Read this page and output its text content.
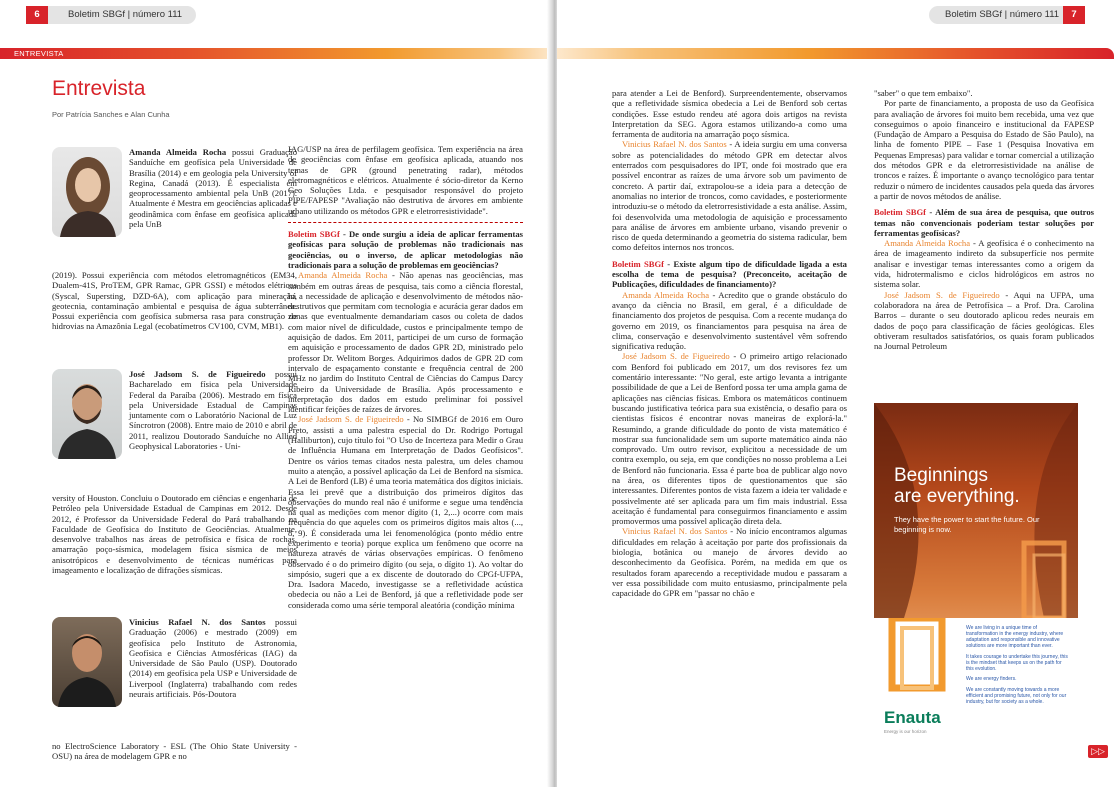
6	Boletim SBGf | número 111
ENTREVISTA
Entrevista
Por Patrícia Sanches e Alan Cunha
Amanda Almeida Rocha possui Graduação Sanduíche em geofísica pela Universidade de Brasília (2014) e em geologia pela University of Regina, Canadá (2013). É especialista em geoprocessamento ambiental pela UnB (2017). Atualmente é Mestra em geociências aplicadas e geodinâmica com ênfase em geofísica aplicada pela UnB
(2019). Possui experiência com métodos eletromagnéticos (EM34, Dualem-41S, ProTEM, GPR Ramac, GPR GSSI) e métodos elétricos (Syscal, Supersting, DZD-6A), com aplicação para mineração, geotecnia, contaminação ambiental e pesquisa de água subterrânea. Possui experiência com geofísica submersa rasa para construção de hidrovias na Amazônia Legal (ecobatímetros CV100, CVM, MB1).
José Jadsom S. de Figueiredo possui Bacharelado em física pela Universidade Federal da Paraíba (2006). Mestrado em física pela Universidade Estadual de Campinas juntamente com o Laboratório Nacional de Luz Síncrotron (2008). Entre maio de 2010 e abril de 2011, realizou Doutorado Sanduíche no Allied Geophysical Laboratories - Uni-
versity of Houston. Concluiu o Doutorado em ciências e engenharia de Petróleo pela Universidade Estadual de Campinas em 2012. Desde 2012, é Professor da Universidade Federal do Pará trabalhando na Faculdade de Geofísica do Instituto de Geociências. Atualmente, desenvolve trabalhos nas áreas de petrofísica e física de rochas, amarração poço-sísmica, modelagem física sísmica de meios anisotrópicos e desenvolvimento de técnicas numéricas para imageamento e localização de difrações sísmicas.
Vinicius Rafael N. dos Santos possui Graduação (2006) e mestrado (2009) em geofísica pelo Instituto de Astronomia, Geofísica e Ciências Atmosféricas (IAG) da Universidade de São Paulo (USP). Doutorado (2014) em geofísica pela USP e Universidade de Liverpool (Inglaterra) trabalhando com redes neurais artificiais. Pós-Doutora
no ElectroScience Laboratory - ESL (The Ohio State University - OSU) na área de modelagem GPR e no

IAG/USP na área de perfilagem geofísica. Tem experiência na área de geociências com ênfase em geofísica aplicada, atuando nos temas de GPR (ground penetrating radar), métodos eletromagnéticos e elétricos. Atualmente é sócio-diretor da Kerno Geo Soluções Ltda. e pesquisador responsável do projeto PIPE/FAPESP "Avaliação não destrutiva de árvores em ambiente urbano utilizando os métodos GPR e eletrorresistividade".

Boletim SBGf - De onde surgiu a ideia de aplicar ferramentas geofísicas para solução de problemas não tradicionais nas geociências, ou o inverso, de aplicar metodologias não tradicionais para a solução de problemas em geociências?

Amanda Almeida Rocha - Não apenas nas geociências, mas também em outras áreas de pesquisa, tais como a ciência florestal, há a necessidade de aplicação e desenvolvimento de métodos não-destrutivos que permitam com tecnologia e acurácia gerar dados em zonas que eventualmente demandariam casos ou coleta de dados com maior nível de dificuldade, custos e principalmente tempo de aquisição de dados. Em 2011, participei de um curso de formação em aquisição e processamento de dados GPR 2D, ministrado pelo professor Dr. Welitom Borges. Adquirimos dados de GPR 2D com intervalo de espaçamento constante e frequência central de 200 MHz no jardim do Instituto Central de Ciências do Campus Darcy Ribeiro da Universidade de Brasília. Após processamento e interpretação dos dados em estudo preliminar foi possível identificar feições de raízes de árvores.

José Jadsom S. de Figueiredo - No SIMBGf de 2016 em Ouro Preto, assisti a uma palestra especial do Dr. Rodrigo Portugal (Halliburton), cujo título foi "O Uso de Incerteza para Medir o Grau de Influência Humana em Interpretação de Dados Geofísicos". Dentre os vários temas citados nesta palestra, um deles chamou muito a atenção, a possível aplicação da Lei de Benford na sísmica. A Lei de Benford (LB) é uma teoria matemática dos dígitos iniciais. Essa lei prevê que a distribuição dos primeiros dígitos das observações do mundo real não é uniforme e segue uma tendência na qual as medições com menor dígito (1, 2,...) ocorre com mais frequência do que aqueles com os primeiros dígitos mais altos (..., 8, 9). É considerada uma lei fenomenológica (ponto médio entre experimento e teoria) porque explica um fenômeno que ocorre na natureza através de várias observações empíricas. O fenômeno observado é o do primeiro dígito (ou seja, o dígito 1). Ao voltar do simpósio, sugeri que a ex discente de doutorado do CPGf-UFPA, Dra. Isadora Macedo, investigasse se a refletividade acústica obedecia ou não a Lei de Benford, já que a refletividade pode ser considerada como uma série temporal aleatória (condição mínima

Boletim SBGf | número 111	7

para atender a Lei de Benford). Surpreendentemente, observamos que a refletividade sísmica obedecia a Lei de Benford sob certas condições. Esse estudo rendeu até agora dois artigos na revista Interpretation da SEG. Agora estamos utilizando-a como uma ferramenta de auditoria na amarração poço sísmica.

Vinicius Rafael N. dos Santos - A ideia surgiu em uma conversa sobre as potencialidades do método GPR em detectar alvos enterrados com pesquisadores do IPT, onde foi mostrado que era possível encontrar as raízes de uma árvore sob um pavimento de concreto. A partir daí, extrapolou-se a ideia para a detecção de anomalias no interior de troncos, como cavidades, e posteriormente introduziu-se o método da eletrorresistividade a esta análise. Assim, foi desenvolvida uma metodologia de aquisição e processamento para análise de árvores em ambiente urbano, visando prevenir o risco de queda determinando a geometria do sistema radicular, bem como defeitos internos nos troncos.

Boletim SBGf - Existe algum tipo de dificuldade ligada a esta escolha de tema de pesquisa? (Preconceito, aceitação de Publicações, dificuldades de financiamento)?

Amanda Almeida Rocha - Acredito que o grande obstáculo do avanço da ciência no Brasil, em geral, é a dificuldade de financiamento dos projetos de pesquisa. Com a recente mudança do governo em 2019, os financiamentos para pesquisa na área de clima, conservação e desenvolvimento sustentável vêm sofrendo significativa redução.

José Jadsom S. de Figueiredo - O primeiro artigo relacionado com Benford foi publicado em 2017, um dos revisores fez um comentário interessante: "No geral, este artigo levanta a intrigante possibilidade de que a Lei de Benford possa ter uma ampla gama de aplicações nas ciências físicas. Embora os matemáticos continuem buscando justificativa teórica para sua existência, o desafio para os cientistas físicos é encontrar novas maneiras de explorá-la." Resumindo, a grande dificuldade do ponto de vista matemático é mostrar sua funcionalidade sem um suporte matemático ainda não comprovado. Um outro revisor, explicitou a necessidade de um contra exemplo, ou seja, em que condições no nosso problema a Lei de Benford não funcionaria. Essa é parte boa de publicar algo novo na área, os diferentes tipos de questionamentos que são interessantes. Diferentes pontos de vista fazem a ideia ter validade e possivelmente até ser aplicada para um fim mais industrial. Essa aceitação é fundamental para conseguirmos financiamento e assim promovermos uma possível aplicação direta dela.

Vinicius Rafael N. dos Santos - No início encontramos algumas dificuldades em relação à aceitação por parte dos profissionais da biologia, botânica ou manejo de árvores devido ao desconhecimento da Geofísica. Porém, na medida em que os resultados foram aparecendo a receptividade mudou e passaram a ver essa possibilidade com muito entusiasmo, principalmente pela capacidade do GPR em "passar no chão e

"saber" o que tem embaixo".

Por parte de financiamento, a proposta de uso da Geofísica para avaliação de árvores foi muito bem recebida, uma vez que conseguimos o apoio financeiro e institucional da FAPESP (Fundação de Amparo a Pesquisa do Estado de São Paulo), na linha de fomento PIPE – Fase 1 (Pesquisa Inovativa em Pequenas Empresas) para validar e tornar comercial a utilização dos métodos GPR e da eletrorresistividade na análise de troncos e raízes. É importante o avanço tecnológico para tentar reduzir o número de incidentes causados pela queda das árvores a partir de novos métodos de análise.

Boletim SBGf - Além de sua área de pesquisa, que outros temas não convencionais poderiam testar soluções por ferramentas geofísicas?

Amanda Almeida Rocha - A geofísica é o conhecimento na área de imageamento indireto da subsuperfície nos permite analisar e investigar temas interessantes como a origem da vida, hidrotermalismo e ciclos hidrológicos em astros no sistema solar.

José Jadsom S. de Figueiredo - Aqui na UFPA, uma colaboradora na área de Petrofísica – a Prof. Dra. Carolina Barros – durante o seu doutorado aplicou redes neurais em dados de poço para classificação de fácies geológicas. Eles obtiveram resultados satisfatórios, os quais foram publicados na Journal Petroleum

Beginnings
are everything.
They have the power to start the future. Our beginning is now.
We are living in a unique time of transformation in the energy industry, where adaptation and responsible and innovative solutions are more important than ever.
It takes courage to undertake this journey, this is the mindset that keeps us on the path for this evolution.
We are energy finders.
We are constantly moving towards a more efficient and promising future, not only for our industry, but for society as a whole.
Enauta
Energy is our horizon
▷▷
